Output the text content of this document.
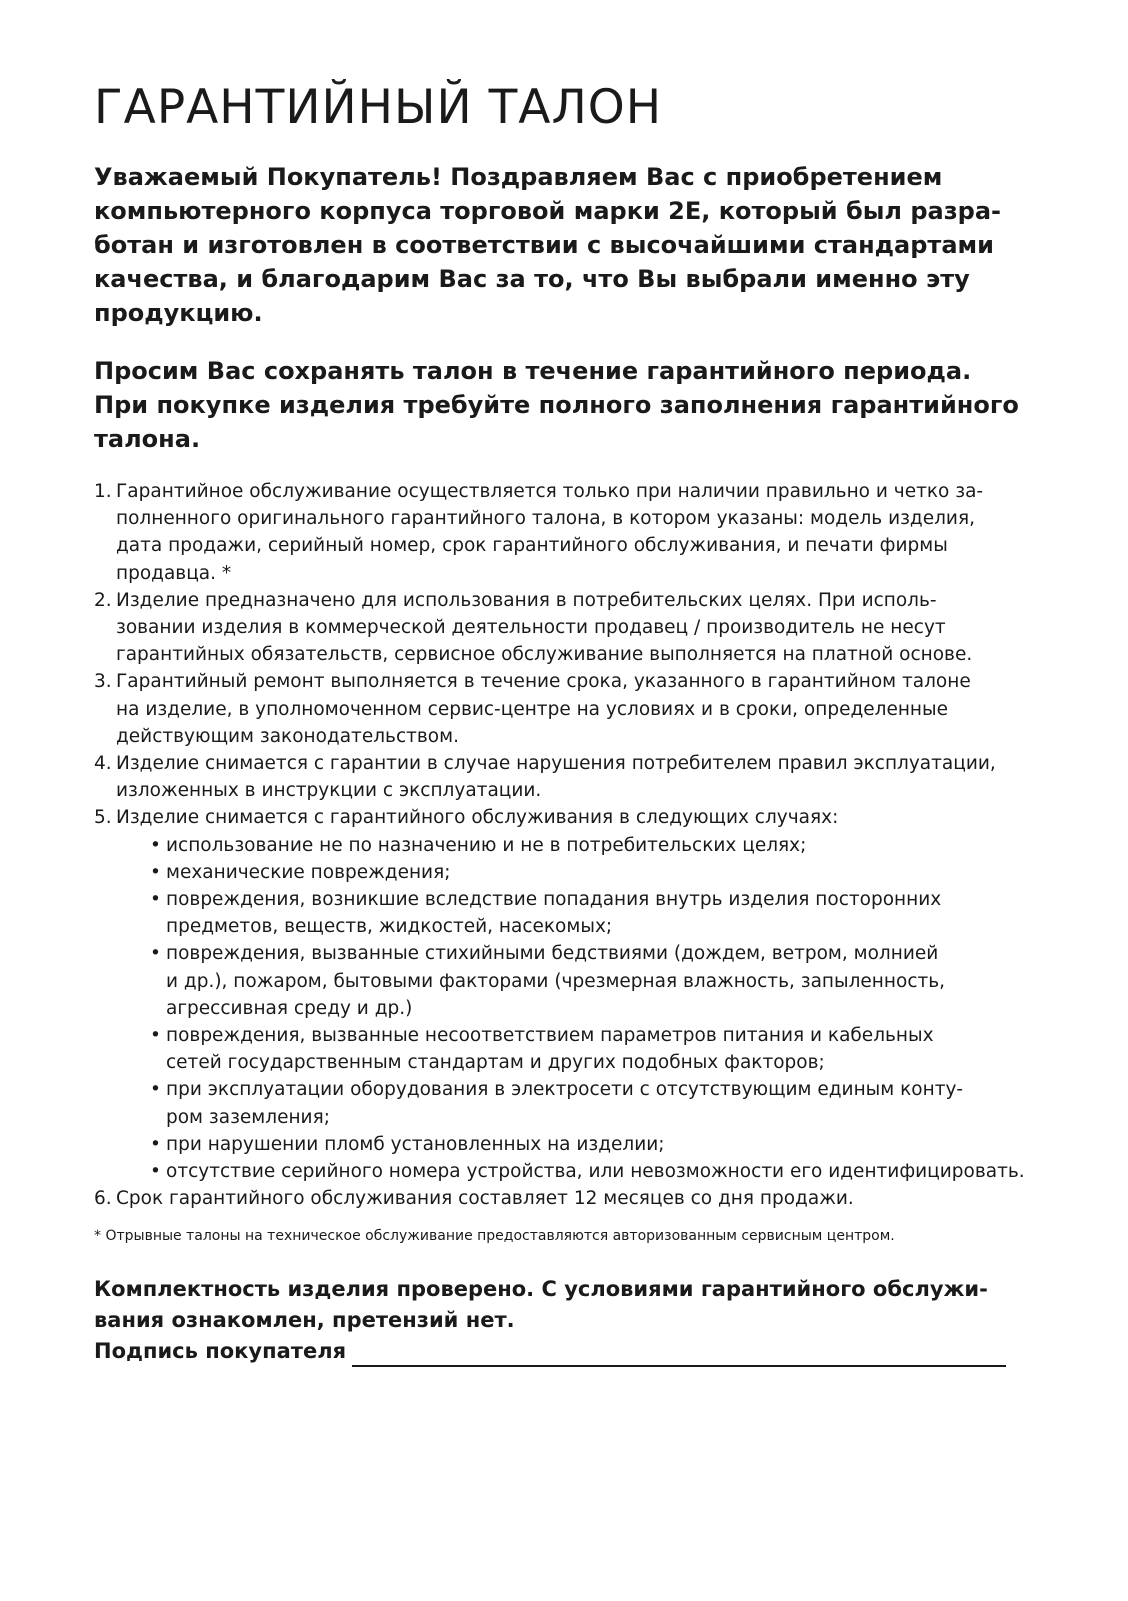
ГАРАНТИЙНЫЙ ТАЛОН

Уважаемый Покупатель! Поздравляем Вас с приобретением
компьютерного корпуса торговой марки 2E, который был разра-
ботан и изготовлен в соответствии с высочайшими стандартами
качества, и благодарим Вас за то, что Вы выбрали именно эту
продукцию.

Просим Вас сохранять талон в течение гарантийного периода.
При покупке изделия требуйте полного заполнения гарантийного
талона.

1. Гарантийное обслуживание осуществляется только при наличии правильно и четко за-
полненного оригинального гарантийного талона, в котором указаны: модель изделия,
дата продажи, серийный номер, срок гарантийного обслуживания, и печати фирмы
продавца. *
2. Изделие предназначено для использования в потребительских целях. При исполь-
зовании изделия в коммерческой деятельности продавец / производитель не несут
гарантийных обязательств, сервисное обслуживание выполняется на платной основе.
3. Гарантийный ремонт выполняется в течение срока, указанного в гарантийном талоне
на изделие, в уполномоченном сервис-центре на условиях и в сроки, определенные
действующим законодательством.
4. Изделие снимается с гарантии в случае нарушения потребителем правил эксплуатации,
изложенных в инструкции с эксплуатации.
5. Изделие снимается с гарантийного обслуживания в следующих случаях:
• использование не по назначению и не в потребительских целях;
• механические повреждения;
• повреждения, возникшие вследствие попадания внутрь изделия посторонних
предметов, веществ, жидкостей, насекомых;
• повреждения, вызванные стихийными бедствиями (дождем, ветром, молнией
и др.), пожаром, бытовыми факторами (чрезмерная влажность, запыленность,
агрессивная среду и др.)
• повреждения, вызванные несоответствием параметров питания и кабельных
сетей государственным стандартам и других подобных факторов;
• при эксплуатации оборудования в электросети с отсутствующим единым конту-
ром заземления;
• при нарушении пломб установленных на изделии;
• отсутствие серийного номера устройства, или невозможности его идентифицировать.
6. Срок гарантийного обслуживания составляет 12 месяцев со дня продажи.

* Отрывные талоны на техническое обслуживание предоставляются авторизованным сервисным центром.

Комплектность изделия проверено. С условиями гарантийного обслужи-
вания ознакомлен, претензий нет.

Подпись покупателя
